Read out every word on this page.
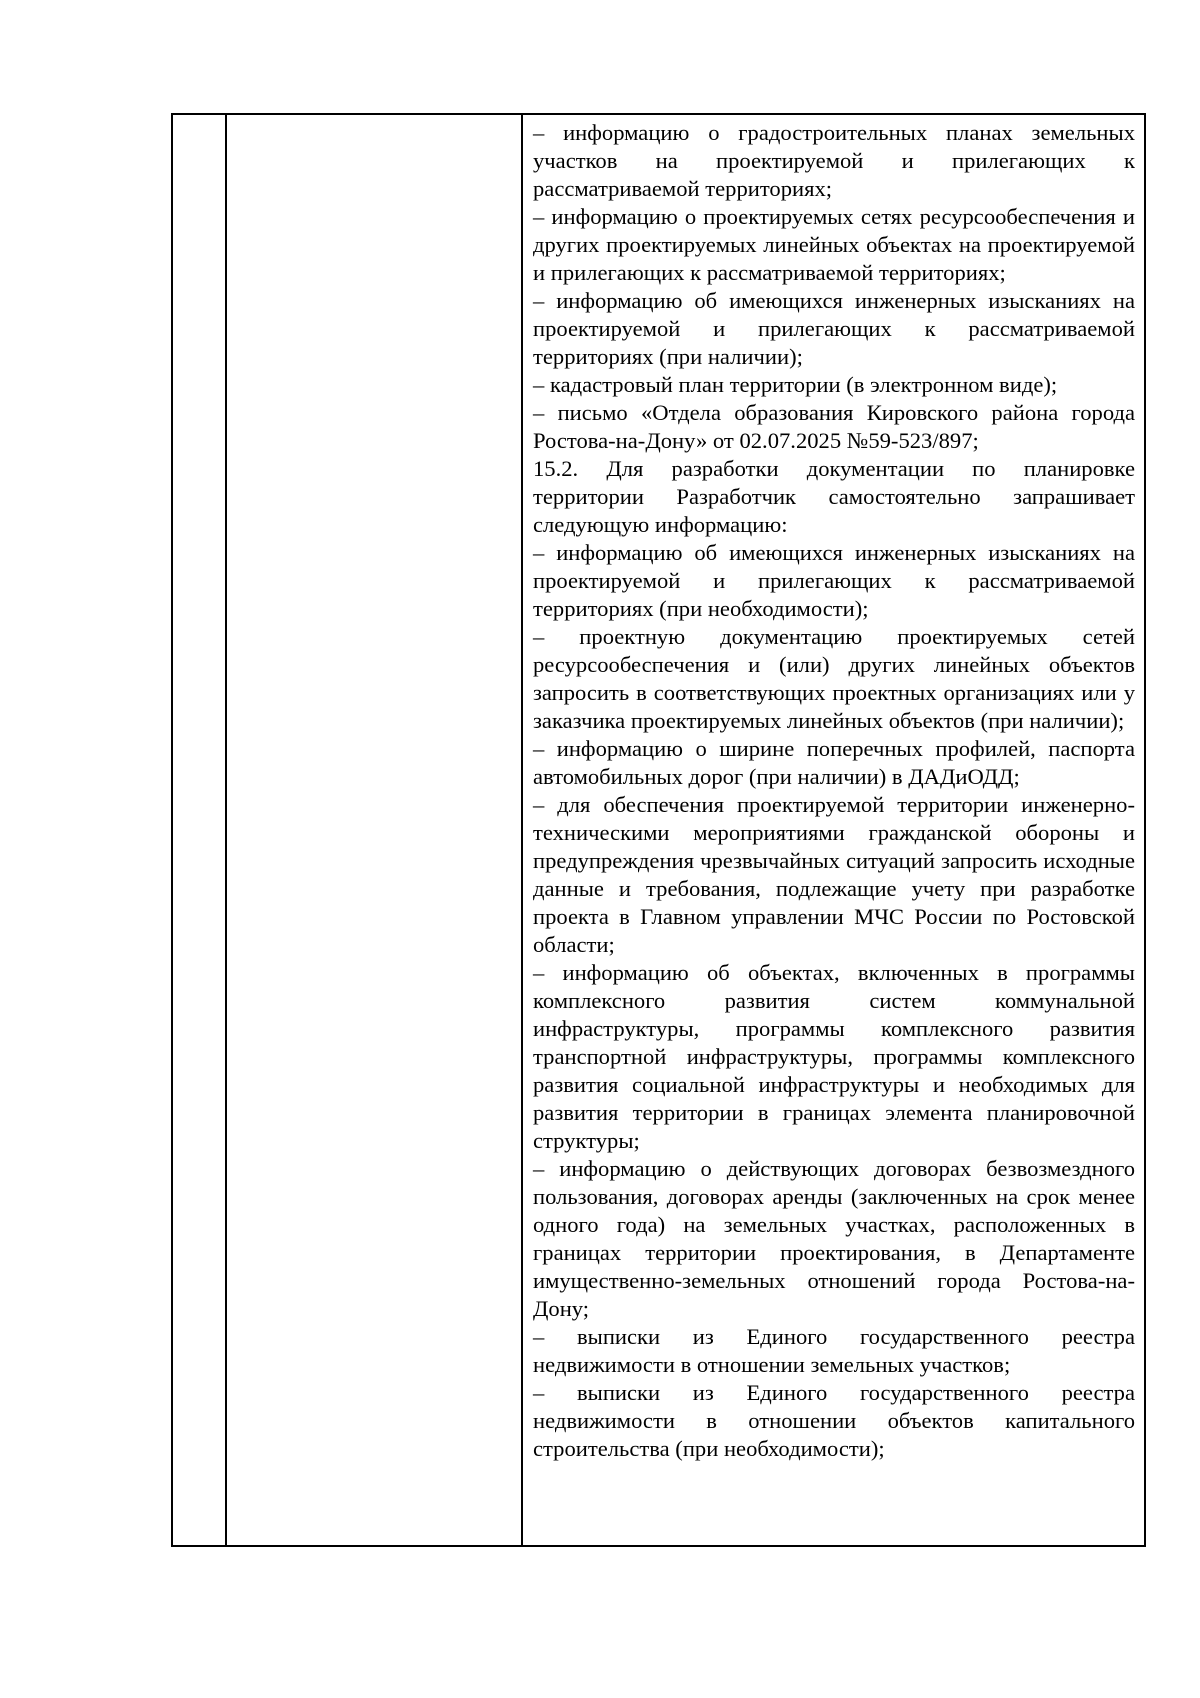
– информацию о градостроительных планах земельных участков на проектируемой и прилегающих к рассматриваемой территориях;

– информацию о проектируемых сетях ресурсообеспечения и других проектируемых линейных объектах на проектируемой и прилегающих к рассматриваемой территориях;

– информацию об имеющихся инженерных изысканиях на проектируемой и прилегающих к рассматриваемой территориях (при наличии);

– кадастровый план территории (в электронном виде);

– письмо «Отдела образования Кировского района города Ростова-на-Дону» от 02.07.2025 №59-523/897;

15.2. Для разработки документации по планировке территории Разработчик самостоятельно запрашивает следующую информацию:

– информацию об имеющихся инженерных изысканиях на проектируемой и прилегающих к рассматриваемой территориях (при необходимости);

– проектную документацию проектируемых сетей ресурсообеспечения и (или) других линейных объектов запросить в соответствующих проектных организациях или у заказчика проектируемых линейных объектов (при наличии);

– информацию о ширине поперечных профилей, паспорта автомобильных дорог (при наличии) в ДАДиОДД;

– для обеспечения проектируемой территории инженерно-техническими мероприятиями гражданской обороны и предупреждения чрезвычайных ситуаций запросить исходные данные и требования, подлежащие учету при разработке проекта в Главном управлении МЧС России по Ростовской области;

– информацию об объектах, включенных в программы комплексного развития систем коммунальной инфраструктуры, программы комплексного развития транспортной инфраструктуры, программы комплексного развития социальной инфраструктуры и необходимых для развития территории в границах элемента планировочной структуры;

– информацию о действующих договорах безвозмездного пользования, договорах аренды (заключенных на срок менее одного года) на земельных участках, расположенных в границах территории проектирования, в Департаменте имущественно-земельных отношений города Ростова-на-Дону;

– выписки из Единого государственного реестра недвижимости в отношении земельных участков;

– выписки из Единого государственного реестра недвижимости в отношении объектов капитального строительства (при необходимости);
